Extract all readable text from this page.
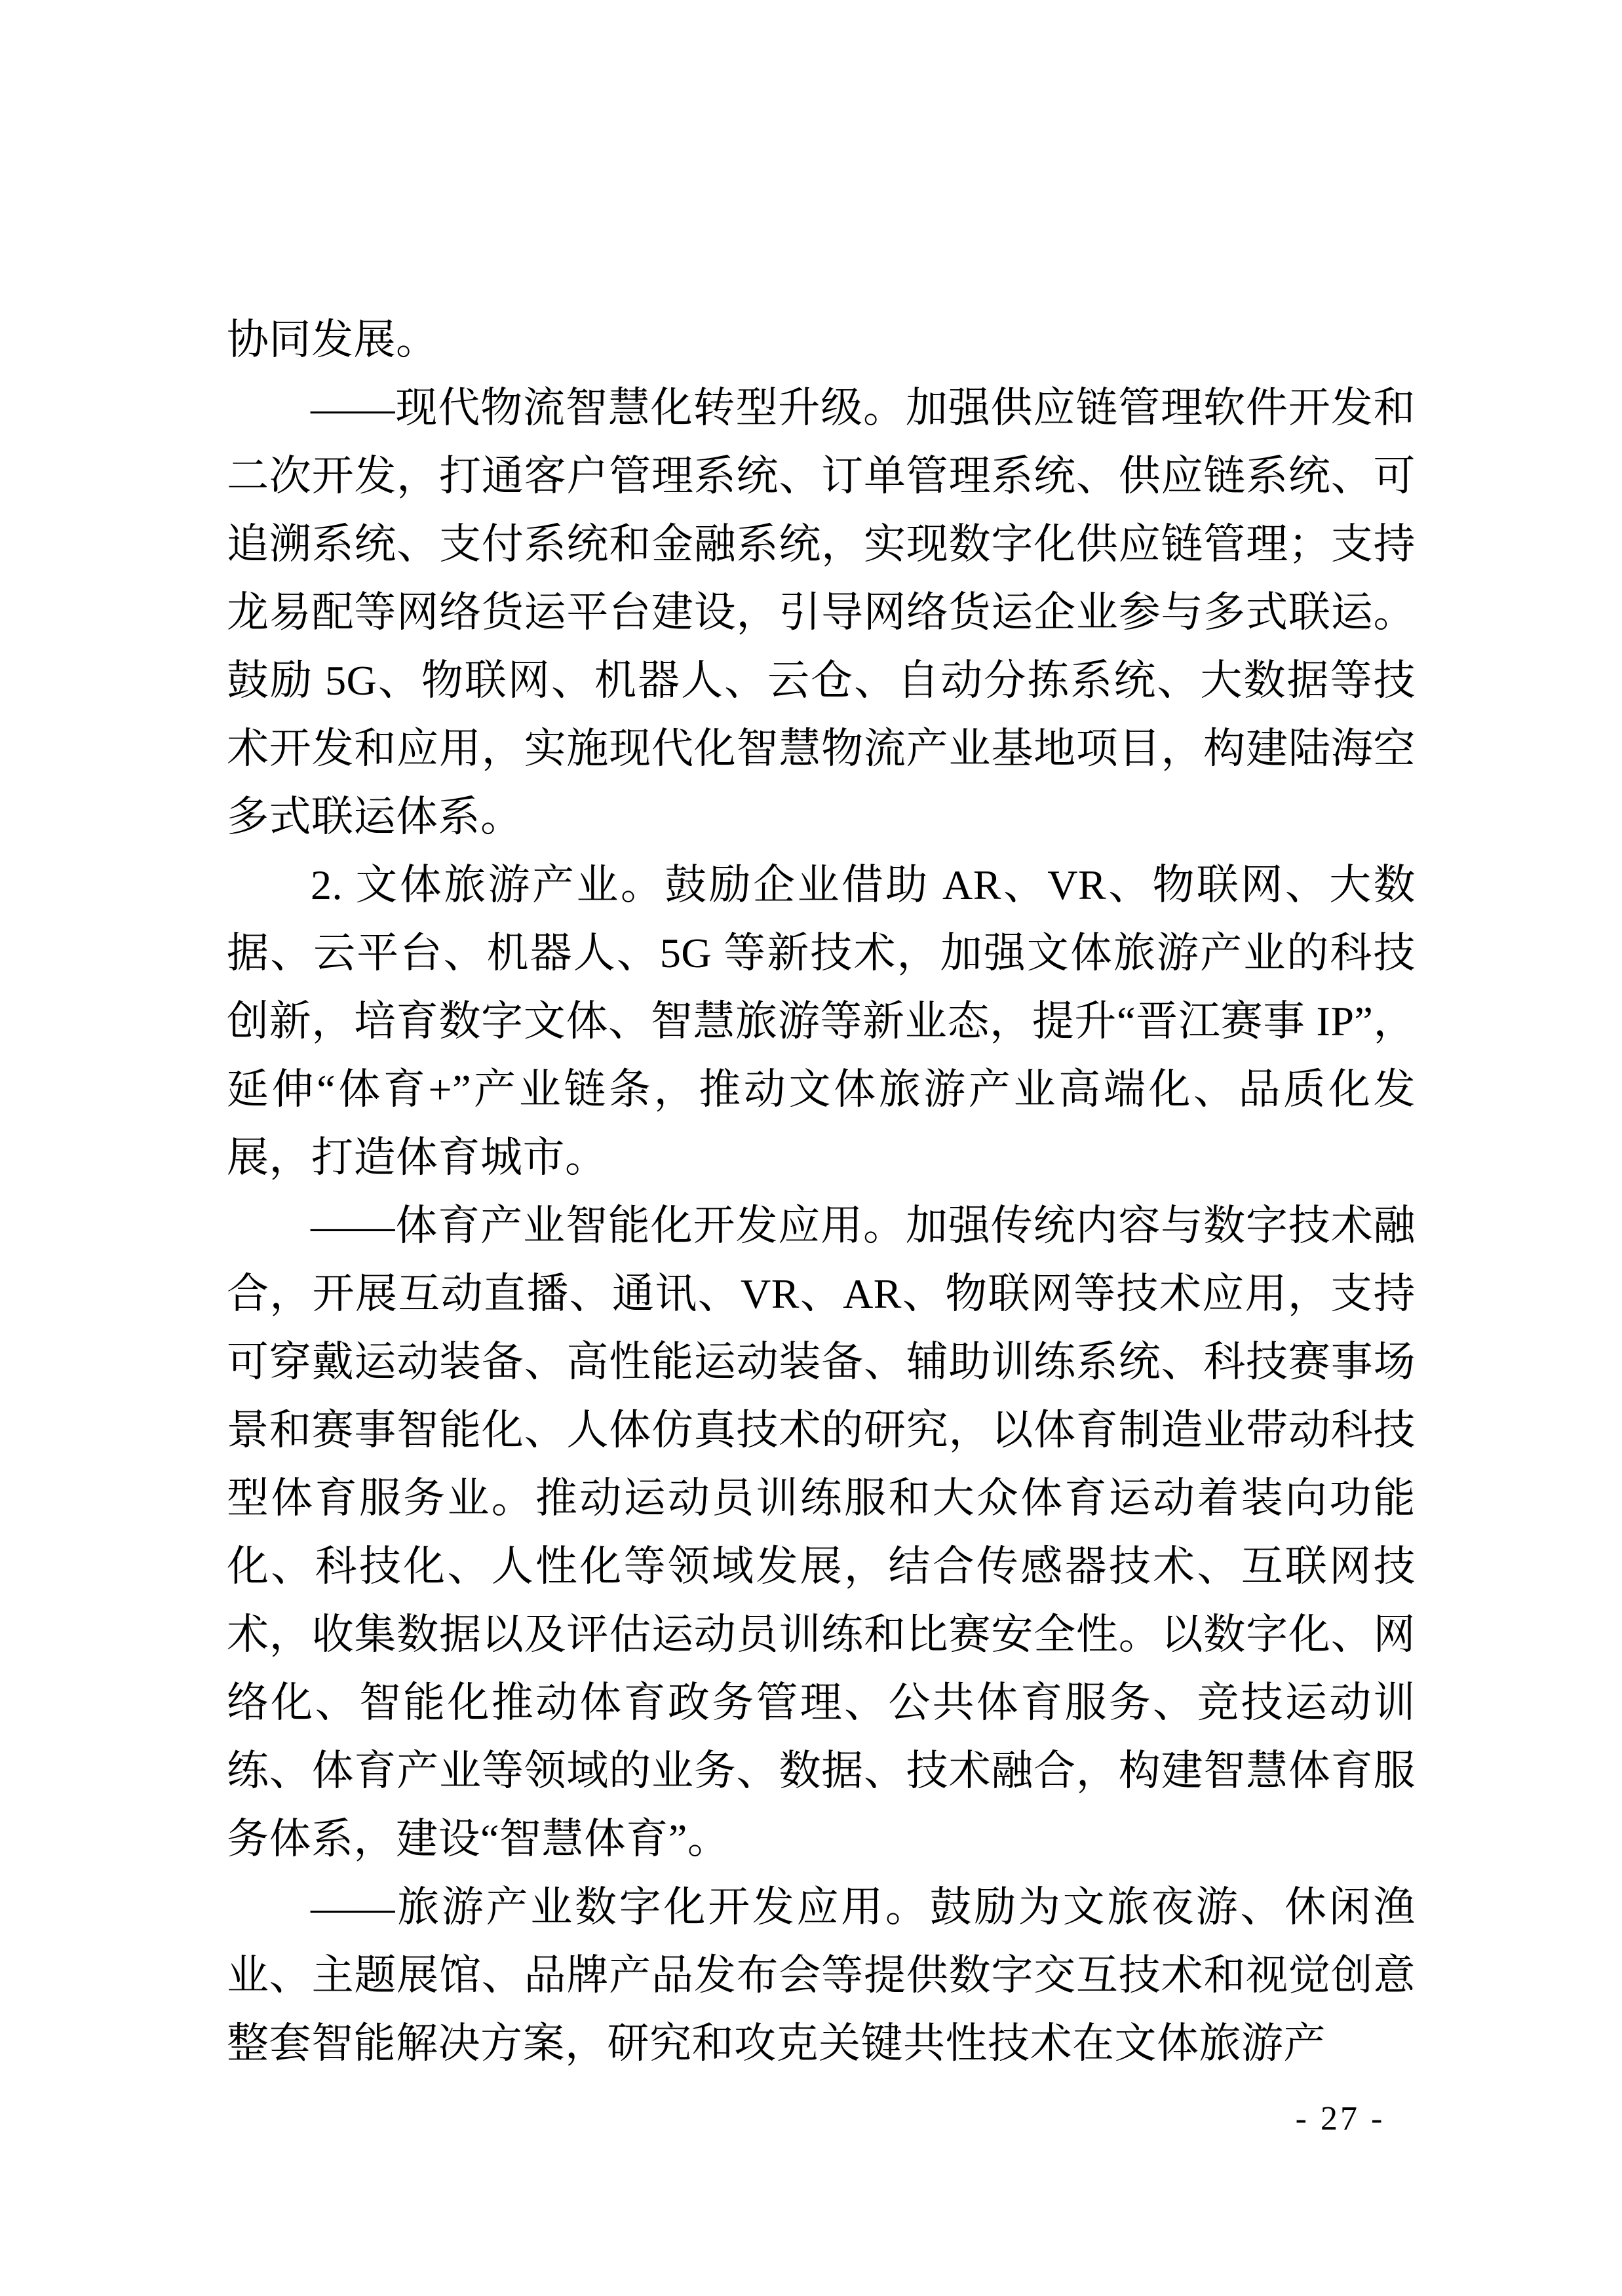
协同发展。

——现代物流智慧化转型升级。加强供应链管理软件开发和二次开发，打通客户管理系统、订单管理系统、供应链系统、可追溯系统、支付系统和金融系统，实现数字化供应链管理；支持龙易配等网络货运平台建设，引导网络货运企业参与多式联运。鼓励 5G、物联网、机器人、云仓、自动分拣系统、大数据等技术开发和应用，实施现代化智慧物流产业基地项目，构建陆海空多式联运体系。

2. 文体旅游产业。鼓励企业借助 AR、VR、物联网、大数据、云平台、机器人、5G 等新技术，加强文体旅游产业的科技创新，培育数字文体、智慧旅游等新业态，提升“晋江赛事 IP”，延伸“体育+”产业链条，推动文体旅游产业高端化、品质化发展，打造体育城市。

——体育产业智能化开发应用。加强传统内容与数字技术融合，开展互动直播、通讯、VR、AR、物联网等技术应用，支持可穿戴运动装备、高性能运动装备、辅助训练系统、科技赛事场景和赛事智能化、人体仿真技术的研究，以体育制造业带动科技型体育服务业。推动运动员训练服和大众体育运动着装向功能化、科技化、人性化等领域发展，结合传感器技术、互联网技术，收集数据以及评估运动员训练和比赛安全性。以数字化、网络化、智能化推动体育政务管理、公共体育服务、竞技运动训练、体育产业等领域的业务、数据、技术融合，构建智慧体育服务体系，建设“智慧体育”。

——旅游产业数字化开发应用。鼓励为文旅夜游、休闲渔业、主题展馆、品牌产品发布会等提供数字交互技术和视觉创意整套智能解决方案，研究和攻克关键共性技术在文体旅游产

- 27 -
